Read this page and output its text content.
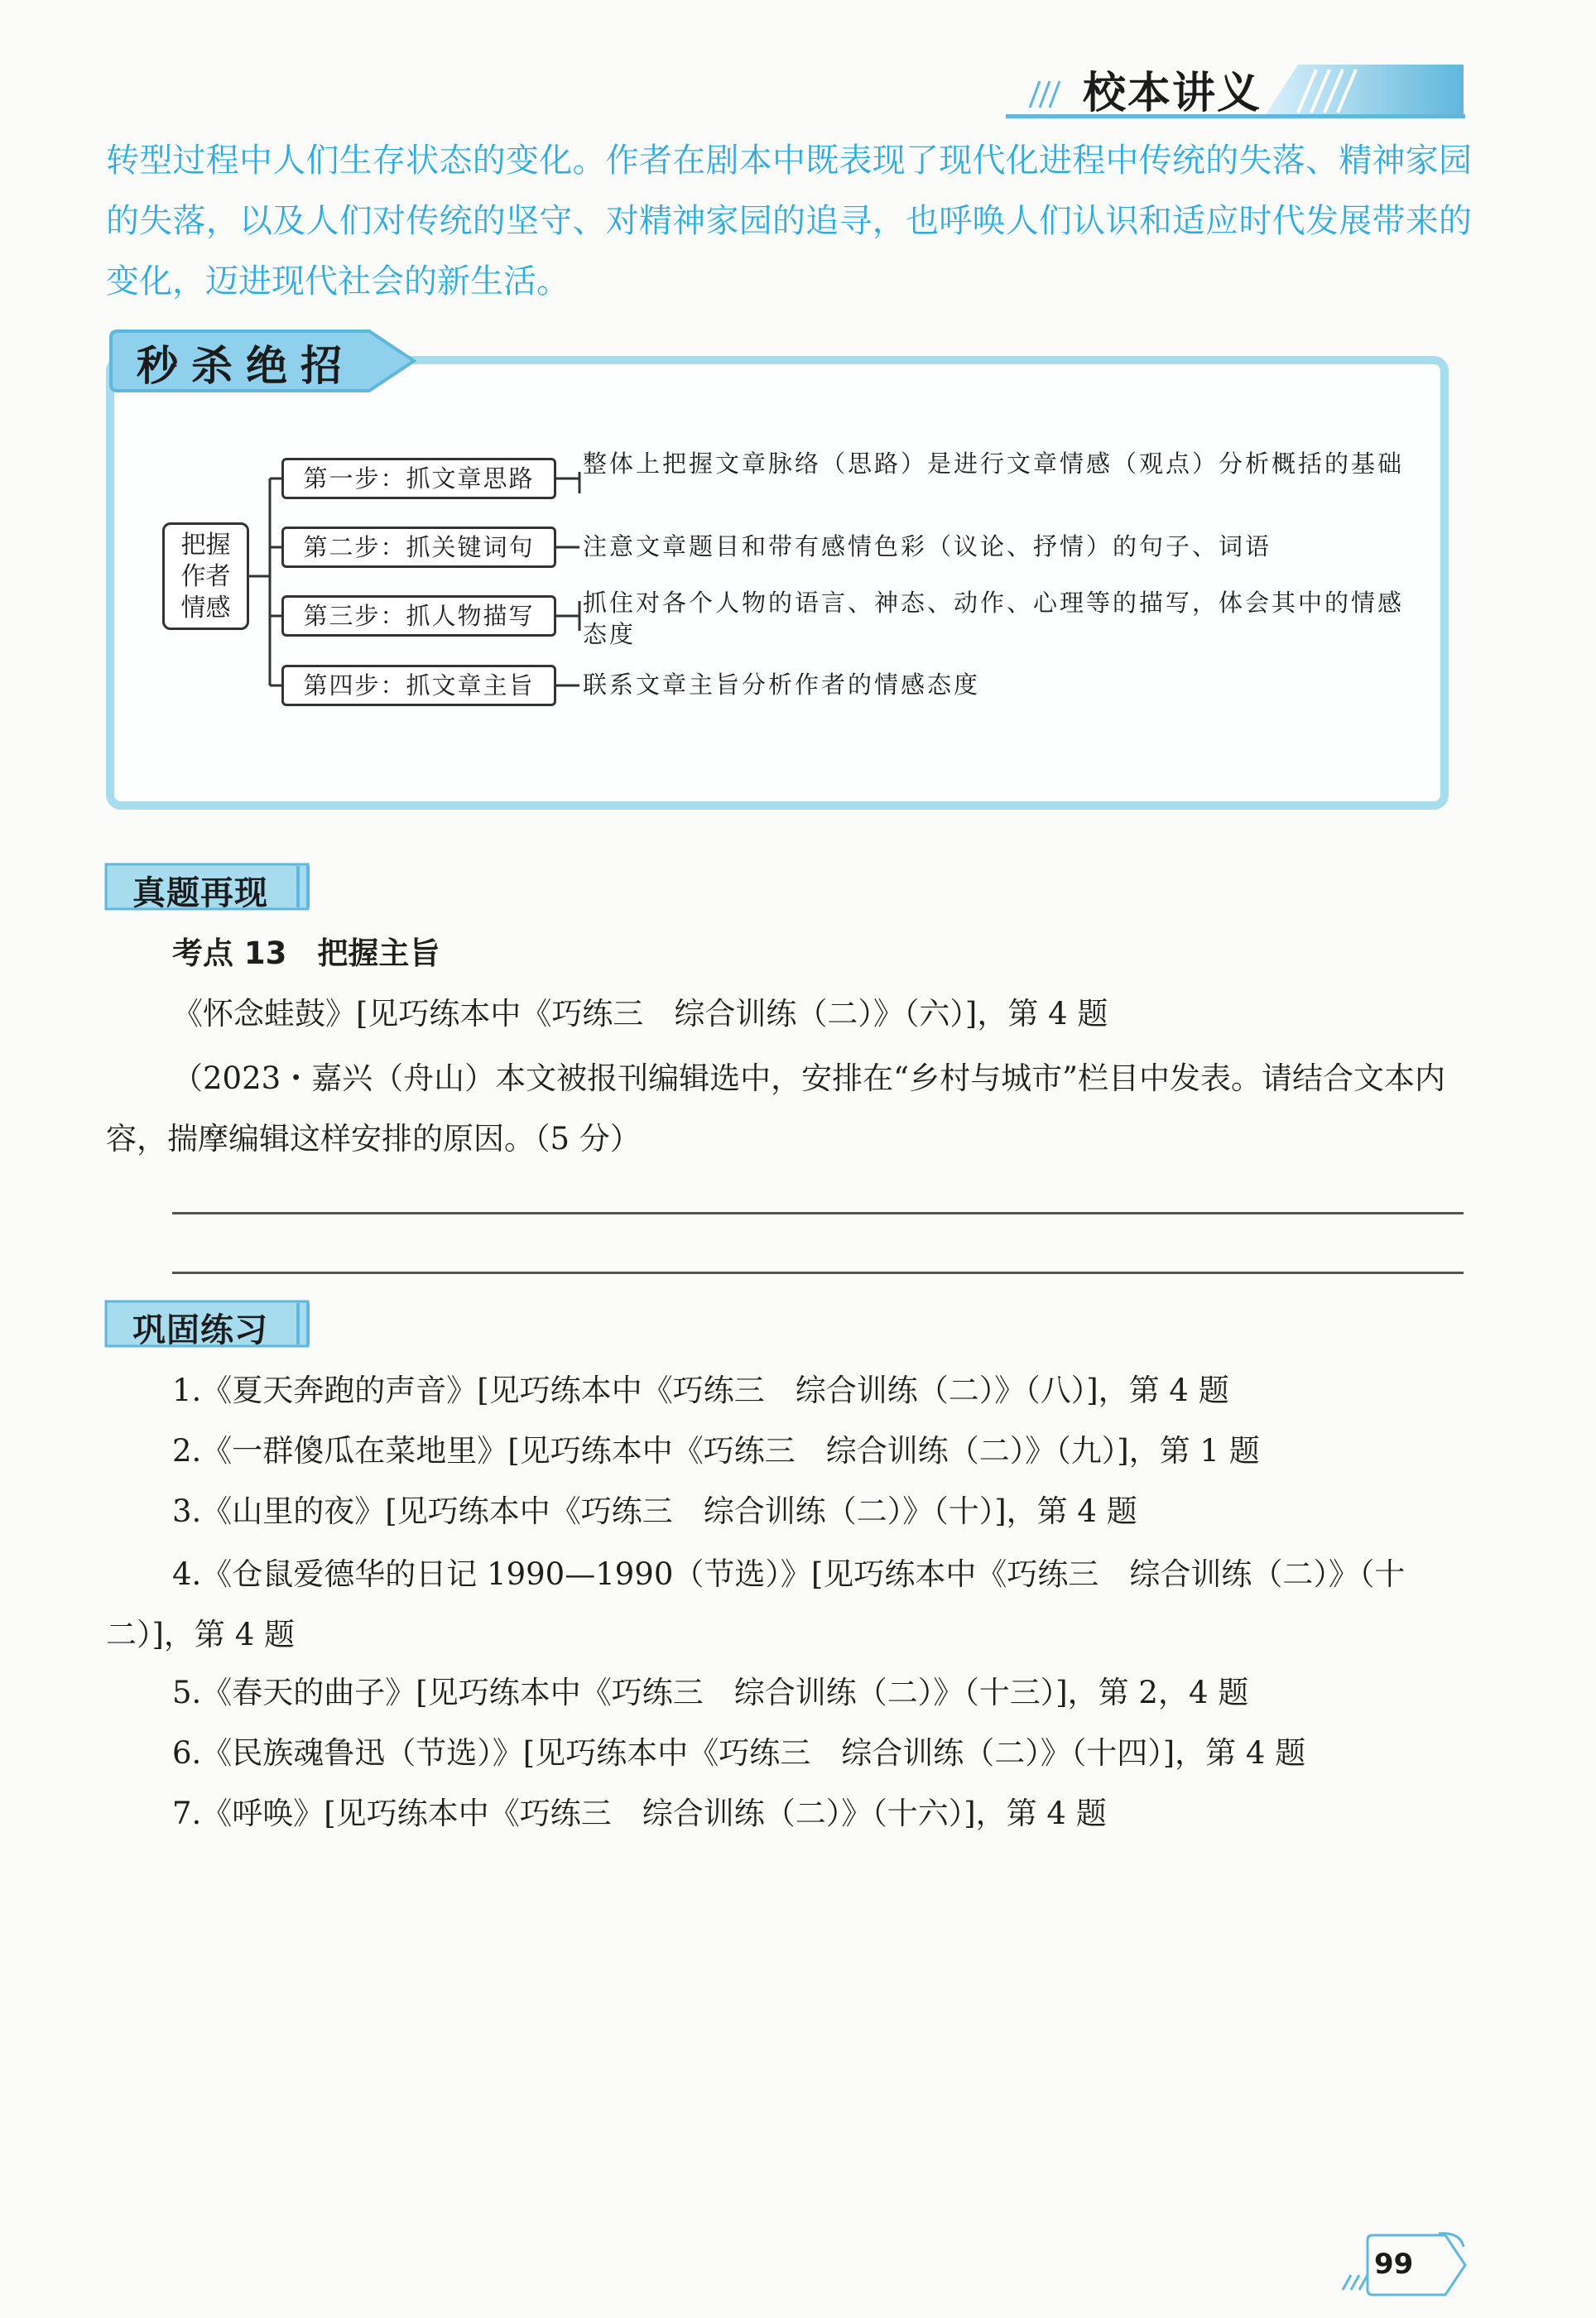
校本讲义
转型过程中人们生存状态的变化。作者在剧本中既表现了现代化进程中传统的失落、精神家园的失落，以及人们对传统的坚守、对精神家园的追寻，也呼唤人们认识和适应时代发展带来的变化，迈进现代社会的新生活。
秒杀绝招
把握
作者
情感
第一步：抓文章思路
第二步：抓关键词句
第三步：抓人物描写
第四步：抓文章主旨
整体上把握文章脉络（思路）是进行文章情感（观点）分析概括的基础
注意文章题目和带有感情色彩（议论、抒情）的句子、词语
抓住对各个人物的语言、神态、动作、心理等的描写，体会其中的情感态度
联系文章主旨分析作者的情感态度
真题再现
考点 13　把握主旨
《怀念蛙鼓》[见巧练本中《巧练三　综合训练（二）》（六）]，第 4 题
（2023・嘉兴（舟山）本文被报刊编辑选中，安排在“乡村与城市”栏目中发表。请结合文本内容，揣摩编辑这样安排的原因。（5 分）
巩固练习
1.《夏天奔跑的声音》[见巧练本中《巧练三　综合训练（二）》（八）]，第 4 题
2.《一群傻瓜在菜地里》[见巧练本中《巧练三　综合训练（二）》（九）]，第 1 题
3.《山里的夜》[见巧练本中《巧练三　综合训练（二）》（十）]，第 4 题
4.《仓鼠爱德华的日记 1990—1990（节选）》[见巧练本中《巧练三　综合训练（二）》（十二）]，第 4 题
5.《春天的曲子》[见巧练本中《巧练三　综合训练（二）》（十三）]，第 2，4 题
6.《民族魂鲁迅（节选）》[见巧练本中《巧练三　综合训练（二）》（十四）]，第 4 题
7.《呼唤》[见巧练本中《巧练三　综合训练（二）》（十六）]，第 4 题
99
